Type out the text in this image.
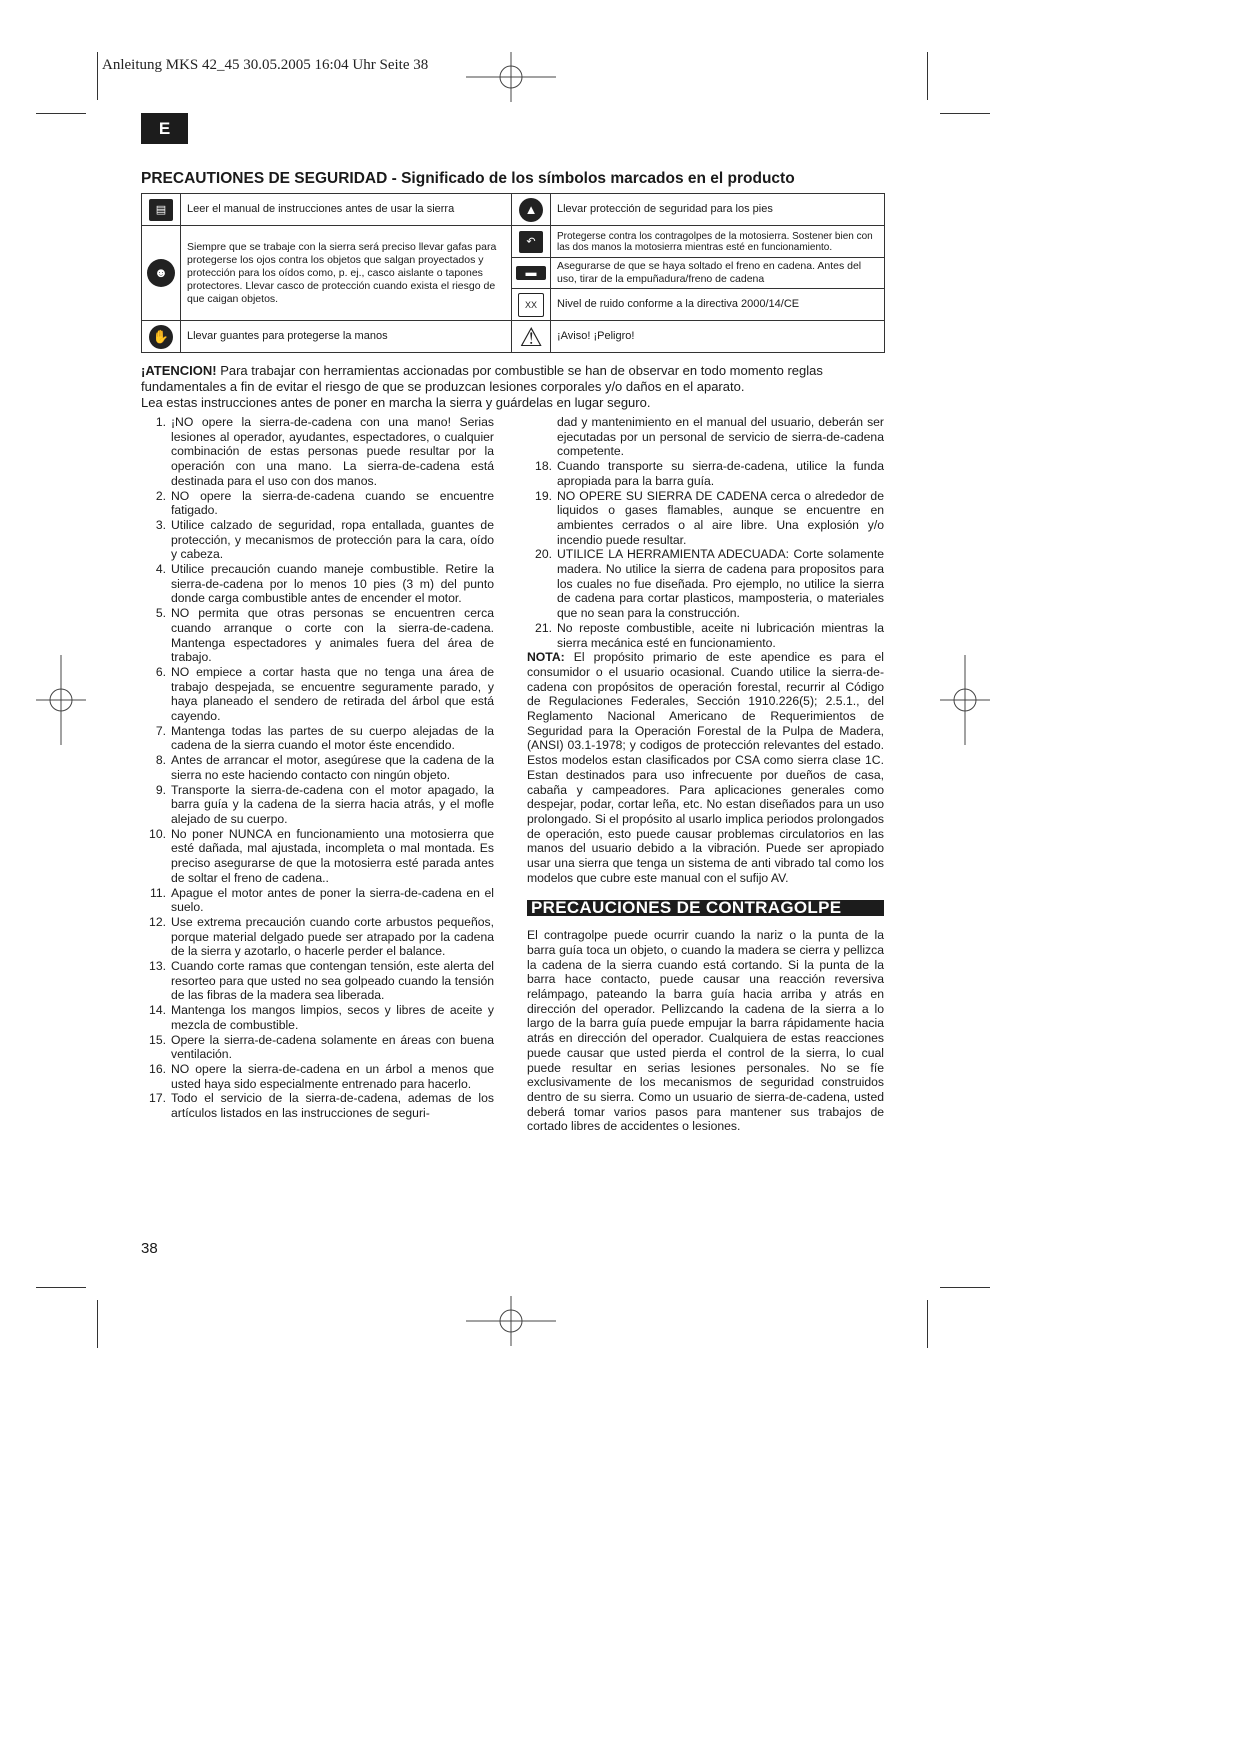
Anleitung MKS 42_45 30.05.2005 16:04 Uhr Seite 38
E
PRECAUTIONES DE SEGURIDAD - Significado de los símbolos marcados en el producto
▤	Leer el manual de instrucciones antes de usar la sierra	▲	Llevar protección de seguridad para los pies
☻	Siempre que se trabaje con la sierra será preciso llevar gafas para protegerse los ojos contra los objetos que salgan proyectados y protección para los oídos como, p. ej., casco aislante o tapones protectores. Llevar casco de protección cuando exista el riesgo de que caigan objetos.	↶	Protegerse contra los contragolpes de la motosierra. Sostener bien con las dos manos la motosierra mientras esté en funcionamiento.
		▬	Asegurarse de que se haya soltado el freno en cadena. Antes del uso, tirar de la empuñadura/freno de cadena
		XX	Nivel de ruido conforme a la directiva 2000/14/CE
✋	Llevar guantes para protegerse la manos	⚠	¡Aviso! ¡Peligro!
¡ATENCION! Para trabajar con herramientas accionadas por combustible se han de observar en todo momento reglas fundamentales a fin de evitar el riesgo de que se produzcan lesiones corporales y/o daños en el aparato.
Lea estas instrucciones antes de poner en marcha la sierra y guárdelas en lugar seguro.

1. ¡NO opere la sierra-de-cadena con una mano! Serias lesiones al operador, ayudantes, espectadores, o cualquier combinación de estas personas puede resultar por la operación con una mano. La sierra-de-cadena está destinada para el uso con dos manos.

2. NO opere la sierra-de-cadena cuando se encuentre fatigado.

3. Utilice calzado de seguridad, ropa entallada, guantes de protección, y mecanismos de protección para la cara, oído y cabeza.

4. Utilice precaución cuando maneje combustible. Retire la sierra-de-cadena por lo menos 10 pies (3 m) del punto donde carga combustible antes de encender el motor.

5. NO permita que otras personas se encuentren cerca cuando arranque o corte con la sierra-de-cadena. Mantenga espectadores y animales fuera del área de trabajo.

6. NO empiece a cortar hasta que no tenga una área de trabajo despejada, se encuentre seguramente parado, y haya planeado el sendero de retirada del árbol que está cayendo.

7. Mantenga todas las partes de su cuerpo alejadas de la cadena de la sierra cuando el motor éste encendido.

8. Antes de arrancar el motor, asegúrese que la cadena de la sierra no este haciendo contacto con ningún objeto.

9. Transporte la sierra-de-cadena con el motor apagado, la barra guía y la cadena de la sierra hacia atrás, y el mofle alejado de su cuerpo.

10. No poner NUNCA en funcionamiento una motosierra que esté dañada, mal ajustada, incompleta o mal montada. Es preciso asegurarse de que la motosierra esté parada antes de soltar el freno de cadena..

11. Apague el motor antes de poner la sierra-de-cadena en el suelo.

12. Use extrema precaución cuando corte arbustos pequeños, porque material delgado puede ser atrapado por la cadena de la sierra y azotarlo, o hacerle perder el balance.

13. Cuando corte ramas que contengan tensión, este alerta del resorteo para que usted no sea golpeado cuando la tensión de las fibras de la madera sea liberada.

14. Mantenga los mangos limpios, secos y libres de aceite y mezcla de combustible.

15. Opere la sierra-de-cadena solamente en áreas con buena ventilación.

16. NO opere la sierra-de-cadena en un árbol a menos que usted haya sido especialmente entrenado para hacerlo.

17. Todo el servicio de la sierra-de-cadena, ademas de los artículos listados en las instrucciones de seguri-

dad y mantenimiento en el manual del usuario, deberán ser ejecutadas por un personal de servicio de sierra-de-cadena competente.

18. Cuando transporte su sierra-de-cadena, utilice la funda apropiada para la barra guía.

19. NO OPERE SU SIERRA DE CADENA cerca o alrededor de liquidos o gases flamables, aunque se encuentre en ambientes cerrados o al aire libre. Una explosión y/o incendio puede resultar.

20. UTILICE LA HERRAMIENTA ADECUADA: Corte solamente madera. No utilice la sierra de cadena para propositos para los cuales no fue diseñada. Pro ejemplo, no utilice la sierra de cadena para cortar plasticos, mamposteria, o materiales que no sean para la construcción.

21. No reposte combustible, aceite ni lubricación mientras la sierra mecánica esté en funcionamiento.

NOTA: El propósito primario de este apendice es para el consumidor o el usuario ocasional. Cuando utilice la sierra-de-cadena con propósitos de operación forestal, recurrir al Código de Regulaciones Federales, Sección 1910.226(5); 2.5.1., del Reglamento Nacional Americano de Requerimientos de Seguridad para la Operación Forestal de la Pulpa de Madera, (ANSI) 03.1-1978; y codigos de protección relevantes del estado. Estos modelos estan clasificados por CSA como sierra clase 1C. Estan destinados para uso infrecuente por dueños de casa, cabaña y campeadores. Para aplicaciones generales como despejar, podar, cortar leña, etc. No estan diseñados para un uso prolongado. Si el propósito al usarlo implica periodos prolongados de operación, esto puede causar problemas circulatorios en las manos del usuario debido a la vibración. Puede ser apropiado usar una sierra que tenga un sistema de anti vibrado tal como los modelos que cubre este manual con el sufijo AV.

PRECAUCIONES DE CONTRAGOLPE

El contragolpe puede ocurrir cuando la nariz o la punta de la barra guía toca un objeto, o cuando la madera se cierra y pellizca la cadena de la sierra cuando está cortando. Si la punta de la barra hace contacto, puede causar una reacción reversiva relámpago, pateando la barra guía hacia arriba y atrás en dirección del operador. Pellizcando la cadena de la sierra a lo largo de la barra guía puede empujar la barra rápidamente hacia atrás en dirección del operador. Cualquiera de estas reacciones puede causar que usted pierda el control de la sierra, lo cual puede resultar en serias lesiones personales. No se fíe exclusivamente de los mecanismos de seguridad construidos dentro de su sierra. Como un usuario de sierra-de-cadena, usted deberá tomar varios pasos para mantener sus trabajos de cortado libres de accidentes o lesiones.

38
